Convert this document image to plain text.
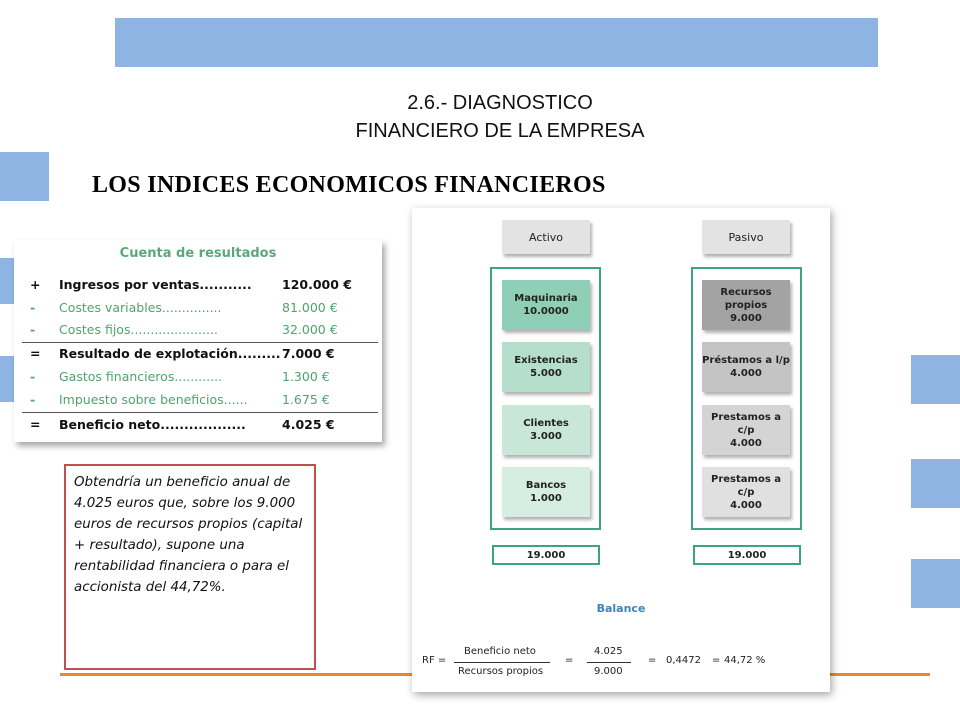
2.6.- DIAGNOSTICO
FINANCIERO DE LA EMPRESA
LOS INDICES ECONOMICOS FINANCIEROS
Cuenta de resultados
+ Ingresos por ventas........... 120.000 €
- Costes variables...............	81.000 €
- Costes fijos......................	32.000 €
= Resultado de explotación......... 7.000 €
- Gastos financieros............	1.300 €
- Impuesto sobre beneficios......	1.675 €
= Beneficio neto..................	4.025 €
Obtendría un beneficio anual de 4.025 euros que, sobre los 9.000 euros de recursos propios (capital + resultado), supone una rentabilidad financiera o para el accionista del 44,72%.
Activo	Pasivo
Maquinaria
10.0000
Existencias
5.000
Clientes
3.000
Bancos
1.000
Recursos propios
9.000
Préstamos a l/p
4.000
Prestamos a c/p
4.000
Prestamos a c/p
4.000
19.000	19.000
Balance
RF =
Beneficio neto
Recursos propios
=
4.025
9.000
= 0,4472 = 44,72 %
